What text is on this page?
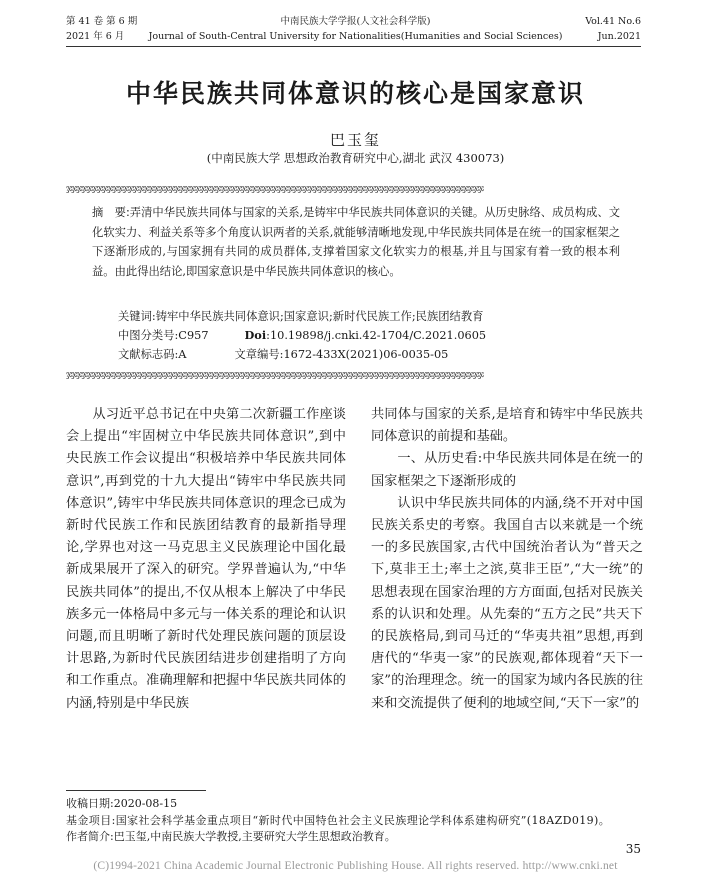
第 41 卷 第 6 期
2021 年 6 月
中南民族大学学报(人文社会科学版)
Journal of South-Central University for Nationalities(Humanities and Social Sciences)
Vol.41 No.6
Jun.2021
中华民族共同体意识的核心是国家意识
巴玉玺
(中南民族大学 思想政治教育研究中心,湖北 武汉 430073)
ჯჯჯჯჯჯჯჯჯჯჯჯჯჯჯჯჯჯჯჯჯჯჯჯჯჯჯჯჯჯჯჯჯჯჯჯჯჯჯჯჯჯჯჯჯჯჯჯჯჯჯჯჯჯჯჯჯჯჯჯჯჯჯჯჯჯჯჯჯჯჯჯჯჯჯჯჯჯჯჯჯ
摘　要:弄清中华民族共同体与国家的关系,是铸牢中华民族共同体意识的关键。从历史脉络、成员构成、文化软实力、利益关系等多个角度认识两者的关系,就能够清晰地发现,中华民族共同体是在统一的国家框架之下逐渐形成的,与国家拥有共同的成员群体,支撑着国家文化软实力的根基,并且与国家有着一致的根本利益。由此得出结论,即国家意识是中华民族共同体意识的核心。
关键词:铸牢中华民族共同体意识;国家意识;新时代民族工作;民族团结教育
中图分类号:C957	Doi:10.19898/j.cnki.42-1704/C.2021.0605
文献标志码:A	文章编号:1672-433X(2021)06-0035-05
ჯჯჯჯჯჯჯჯჯჯჯჯჯჯჯჯჯჯჯჯჯჯჯჯჯჯჯჯჯჯჯჯჯჯჯჯჯჯჯჯჯჯჯჯჯჯჯჯჯჯჯჯჯჯჯჯჯჯჯჯჯჯჯჯჯჯჯჯჯჯჯჯჯჯჯჯჯჯჯჯჯ

从习近平总书记在中央第二次新疆工作座谈会上提出“牢固树立中华民族共同体意识”,到中央民族工作会议提出“积极培养中华民族共同体意识”,再到党的十九大提出“铸牢中华民族共同体意识”,铸牢中华民族共同体意识的理念已成为新时代民族工作和民族团结教育的最新指导理论,学界也对这一马克思主义民族理论中国化最新成果展开了深入的研究。学界普遍认为,“中华民族共同体”的提出,不仅从根本上解决了中华民族多元一体格局中多元与一体关系的理论和认识问题,而且明晰了新时代处理民族问题的顶层设计思路,为新时代民族团结进步创建指明了方向和工作重点。准确理解和把握中华民族共同体的内涵,特别是中华民族

共同体与国家的关系,是培育和铸牢中华民族共同体意识的前提和基础。

一、从历史看:中华民族共同体是在统一的国家框架之下逐渐形成的

认识中华民族共同体的内涵,绕不开对中国民族关系史的考察。我国自古以来就是一个统一的多民族国家,古代中国统治者认为“普天之下,莫非王土;率土之滨,莫非王臣”,“大一统”的思想表现在国家治理的方方面面,包括对民族关系的认识和处理。从先秦的“五方之民”共天下的民族格局,到司马迁的“华夷共祖”思想,再到唐代的“华夷一家”的民族观,都体现着“天下一家”的治理理念。统一的国家为域内各民族的往来和交流提供了便利的地域空间,“天下一家”的

收稿日期:2020-08-15
基金项目:国家社会科学基金重点项目“新时代中国特色社会主义民族理论学科体系建构研究”(18AZD019)。
作者简介:巴玉玺,中南民族大学教授,主要研究大学生思想政治教育。
35
(C)1994-2021 China Academic Journal Electronic Publishing House. All rights reserved. http://www.cnki.net
